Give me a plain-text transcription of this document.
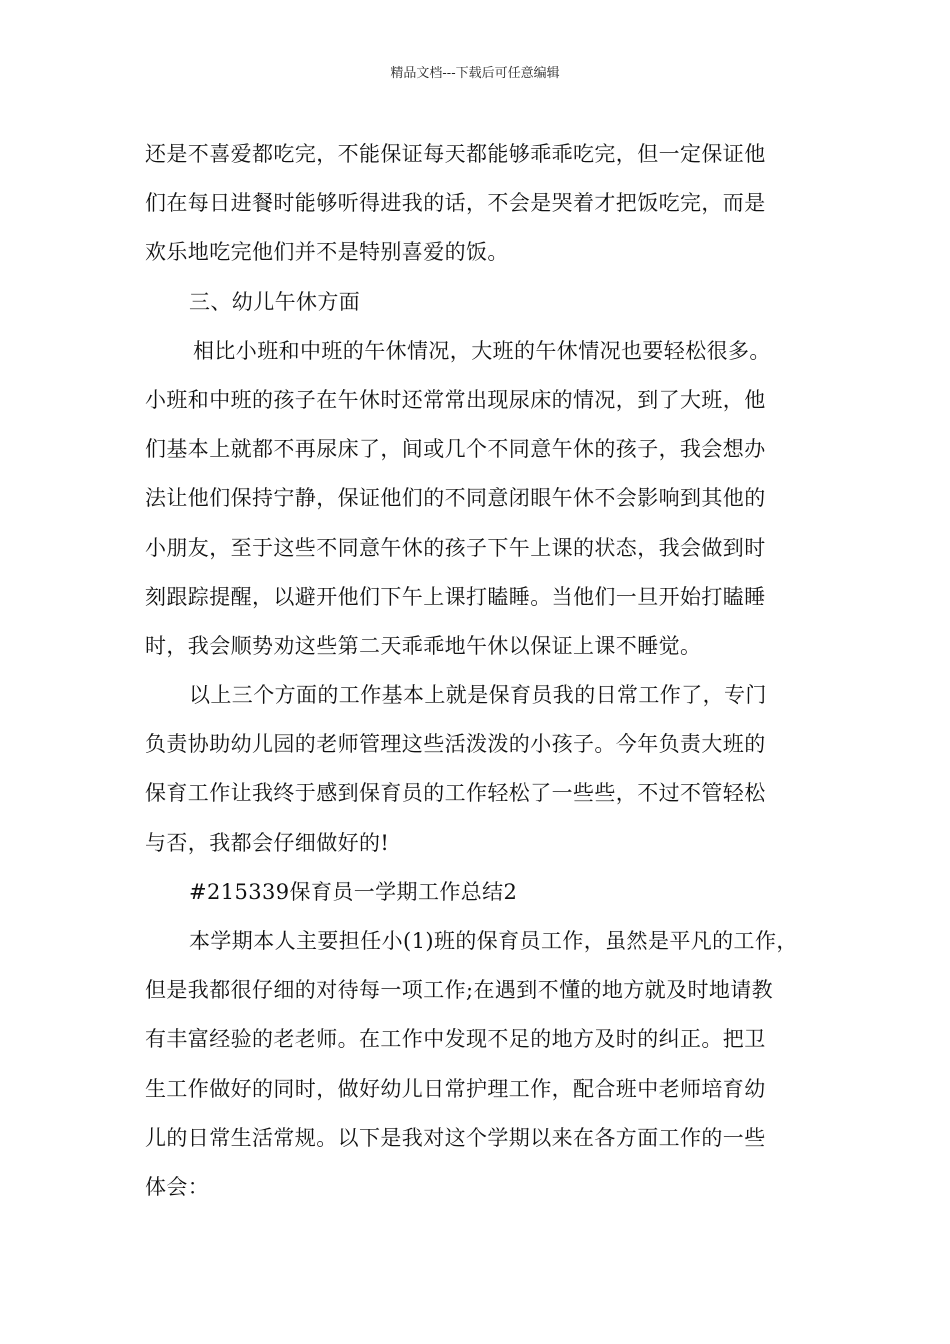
精品文档---下载后可任意编辑
还是不喜爱都吃完，不能保证每天都能够乖乖吃完，但一定保证他
们在每日进餐时能够听得进我的话，不会是哭着才把饭吃完，而是
欢乐地吃完他们并不是特别喜爱的饭。
三、幼儿午休方面
相比小班和中班的午休情况，大班的午休情况也要轻松很多。
小班和中班的孩子在午休时还常常出现尿床的情况，到了大班，他
们基本上就都不再尿床了，间或几个不同意午休的孩子，我会想办
法让他们保持宁静，保证他们的不同意闭眼午休不会影响到其他的
小朋友，至于这些不同意午休的孩子下午上课的状态，我会做到时
刻跟踪提醒，以避开他们下午上课打瞌睡。当他们一旦开始打瞌睡
时，我会顺势劝这些第二天乖乖地午休以保证上课不睡觉。
以上三个方面的工作基本上就是保育员我的日常工作了，专门
负责协助幼儿园的老师管理这些活泼泼的小孩子。今年负责大班的
保育工作让我终于感到保育员的工作轻松了一些些，不过不管轻松
与否，我都会仔细做好的!
#215339保育员一学期工作总结2
本学期本人主要担任小(1)班的保育员工作，虽然是平凡的工作，
但是我都很仔细的对待每一项工作;在遇到不懂的地方就及时地请教
有丰富经验的老老师。在工作中发现不足的地方及时的纠正。把卫
生工作做好的同时，做好幼儿日常护理工作，配合班中老师培育幼
儿的日常生活常规。以下是我对这个学期以来在各方面工作的一些
体会：
